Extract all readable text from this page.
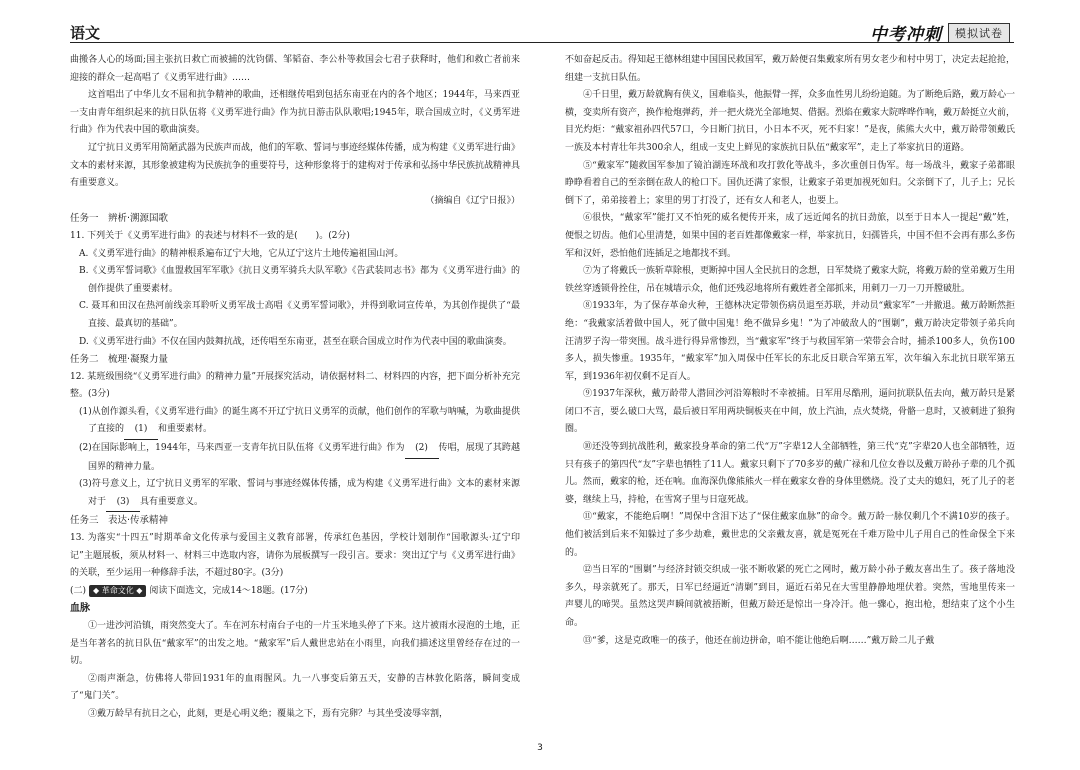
语文	中考冲刺	模拟试卷

曲搬各人心的场面;国主张抗日救亡而被捕的沈钧儒、邹韬奋、李公朴等救国会七君子获释时，他们和救亡者前来迎接的群众一起高唱了《义勇军进行曲》……

这首唱出了中华儿女不屈和抗争精神的歌曲，还相继传唱到包括东南亚在内的各个地区；1944年，马来西亚一支由青年组织起来的抗日队伍将《义勇军进行曲》作为抗日游击队队歌唱;1945年，联合国成立时，《义勇军进行曲》作为代表中国的歌曲演奏。

辽宁抗日义勇军用简陋武器为民族声而战，他们的军歌、誓词与事迹经媒体传播，成为构建《义勇军进行曲》文本的素材来源，其形象被建构为民族抗争的重要符号，这种形象将于的建构对于传承和弘扬中华民族抗战精神具有重要意义。

（摘编自《辽宁日报》）

任务一　辨析·溯源国歌

11. 下列关于《义勇军进行曲》的表述与材料不一致的是(　　)。(2分)

A.《义勇军进行曲》的精神根系遍布辽宁大地，它从辽宁这片土地传遍祖国山河。

B.《义勇军誓词歌》《血盟救国军军歌》《抗日义勇军骑兵大队军歌》《告武装同志书》都为《义勇军进行曲》的创作提供了重要素材。

C. 聂耳和田汉在热河前线亲耳聆听义勇军战士高唱《义勇军誓词歌》，并得到歌词宣传单，为其创作提供了“最直接、最真切的基础”。

D.《义勇军进行曲》不仅在国内鼓舞抗战，还传唱至东南亚，甚至在联合国成立时作为代表中国的歌曲演奏。

任务二　梳理·凝聚力量

12. 某班级围绕“《义勇军进行曲》的精神力量”开展探究活动，请依据材料二、材料四的内容，把下面分析补充完整。(3分)

(1)从创作源头看，《义勇军进行曲》的诞生离不开辽宁抗日义勇军的贡献，他们创作的军歌与呐喊，为歌曲提供了直接的 (1) 和重要素材。

(2)在国际影响上，1944年，马来西亚一支青年抗日队伍将《义勇军进行曲》作为 (2) 传唱，展现了其跨越国界的精神力量。

(3)符号意义上，辽宁抗日义勇军的军歌、誓词与事迹经媒体传播，成为构建《义勇军进行曲》文本的素材来源对于 (3) 具有重要意义。

任务三　表达·传承精神

13. 为落实“十四五”时期革命文化传承与爱国主义教育部署，传承红色基因，学校计划制作“国歌源头·辽宁印记”主题展板，须从材料一、材料三中选取内容，请你为展板撰写一段引言。要求：突出辽宁与《义勇军进行曲》的关联，至少运用一种修辞手法，不超过80字。(3分)

(二) ◆ 革命文化 ◆ 阅读下面选文，完成14～18题。(17分)

血脉

①一进沙河沿镇，雨突然变大了。车在河东村南台子屯的一片玉米地头停了下来。这片被雨水浸泡的土地，正是当年著名的抗日队伍“戴家军”的出发之地。“戴家军”后人戴世忠站在小雨里，向我们描述这里曾经存在过的一切。

②雨声渐急，仿佛将人带回1931年的血雨腥风。九一八事变后第五天，安静的吉林敦化陷落，瞬间变成了“鬼门关”。

③戴万龄早有抗日之心，此刻，更是心明义绝；覆巢之下，焉有完卵？与其坐受凌辱宰割，

不如奋起反击。得知起王德林组建中国国民救国军，戴万龄便召集戴家所有男女老少和村中男丁，决定去起抢抢，组建一支抗日队伍。

④千日里，戴万龄就胸有侠义，国难临头，他振臂一挥，众多血性男儿纷纷追随。为了断绝后路，戴万龄心一横，变卖所有资产，换作枪炮弹药，并一把火烧光全部地契、借据。烈焰在戴家大院哗哗作响，戴万龄挺立火前，目光灼炬：“戴家祖孙四代57口，今日断门抗日，小日本不灭，死不归家！”是夜，熊熊大火中，戴万龄带领戴氏一族及本村青壮年共300余人，组成一支史上鲜见的家族抗日队伍“戴家军”，走上了举家抗日的道路。

⑤“戴家军”随救国军参加了镜泊湖连环战和攻打敦化等战斗，多次重创日伪军。每一场战斗，戴家子弟都眼睁睁看着自己的至亲倒在敌人的枪口下。国仇还满了家恨，让戴家子弟更加视死如归。父亲倒下了，儿子上；兄长倒下了，弟弟接着上；家里的男丁打没了，还有女人和老人，也要上。

⑥很快，“戴家军”能打又不怕死的威名便传开来，成了远近闻名的抗日劲旅，以至于日本人一提起“戴”姓，便恨之切齿。他们心里清楚，如果中国的老百姓都像戴家一样，举家抗日，妇孺皆兵，中国不但不会再有那么多伤军和汉奸，恐怕他们连插足之地都找不到。

⑦为了将戴氏一族斩草除根，更断掉中国人全民抗日的念想，日军焚烧了戴家大院，将戴万龄的堂弟戴万生用铁丝穿透锁骨拴住，吊在城墙示众，他们还残忍地将所有戴姓者全部抓来，用刺刀一刀一刀开膛破肚。

⑧1933年，为了保存革命火种，王德林决定带领伤病员退至苏联，并动员“戴家军”一并撤退。戴万龄断然拒绝：“我戴家活着做中国人，死了做中国鬼！绝不做异乡鬼！”为了冲破敌人的“围剿”，戴万龄决定带领子弟兵向汪清罗子沟一带突围。战斗进行得异常惨烈，当“戴家军”终于与救国军第一荣带会合时，捕杀100多人，负伤100多人，损失惨重。1935年，“戴家军”加入周保中任军长的东北反日联合军第五军，次年编入东北抗日联军第五军，到1936年初仅剩不足百人。

⑨1937年深秋，戴万龄带人潜回沙河沿筹粮时不幸被捕。日军用尽酷刑，逼问抗联队伍去向，戴万龄只是紧闭口不言，要么破口大骂，最后被日军用两块铜板夹在中间，放上汽油，点火焚烧，骨骼一息时，又被刺进了狼狗圈。

⑩还没等到抗战胜利，戴家投身革命的第二代“万”字辈12人全部牺牲，第三代“克”字辈20人也全部牺牲，迈只有孩子的第四代“友”字辈也牺牲了11人。戴家只剩下了70多岁的戴广禄和几位女眷以及戴万龄孙子辈的几个孤儿。然而，戴家的枪，还在响。血海深仇像熊熊火一样在戴家女眷的身体里燃烧。没了丈夫的媳妇，死了儿子的老婆，继续上马，持枪，在雪窝子里与日寇死战。

⑪“戴家，不能绝后啊！”周保中含泪下达了“保住戴家血脉”的命令。戴万龄一脉仅剩几个不满10岁的孩子。他们被活到后来不知躲过了多少劫难，戴世忠的父亲戴友喜，就是冤死在千难万险中儿子用自己的性命保全下来的。

⑫当日军的“围剿”与经济封锁交织成一张不断收紧的死亡之网时，戴万龄小孙子戴友喜出生了。孩子落地没多久，母亲就死了。那天，日军已经逼近“清剿”到目，逼近石弟兄在大雪里静静地埋伏着。突然，雪地里传来一声婴儿的啼哭。虽然这哭声瞬间就被捂断，但戴万龄还是惊出一身冷汗。他一骤心，抱出枪，想结束了这个小生命。

⑬“爹，这是克政唯一的孩子，他还在前边拼命，咱不能让他绝后啊……”戴万龄二儿子戴

3
